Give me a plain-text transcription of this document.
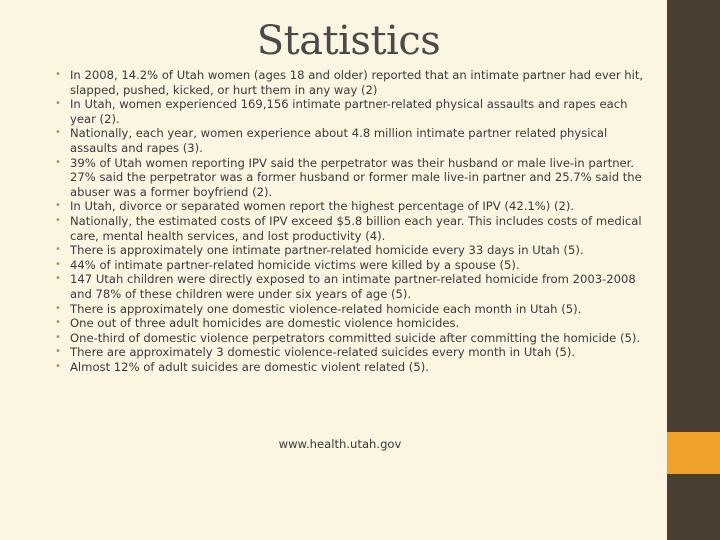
Statistics
• In 2008, 14.2% of Utah women (ages 18 and older) reported that an intimate partner had ever hit, slapped, pushed, kicked, or hurt them in any way (2)
• In Utah, women experienced 169,156 intimate partner-related physical assaults and rapes each year (2).
• Nationally, each year, women experience about 4.8 million intimate partner related physical assaults and rapes (3).
• 39% of Utah women reporting IPV said the perpetrator was their husband or male live-in partner. 27% said the perpetrator was a former husband or former male live-in partner and 25.7% said the abuser was a former boyfriend (2).
• In Utah, divorce or separated women report the highest percentage of IPV (42.1%) (2).
• Nationally, the estimated costs of IPV exceed $5.8 billion each year. This includes costs of medical care, mental health services, and lost productivity (4).
• There is approximately one intimate partner-related homicide every 33 days in Utah (5).
• 44% of intimate partner-related homicide victims were killed by a spouse (5).
• 147 Utah children were directly exposed to an intimate partner-related homicide from 2003-2008 and 78% of these children were under six years of age (5).
• There is approximately one domestic violence-related homicide each month in Utah (5).
• One out of three adult homicides are domestic violence homicides.
• One-third of domestic violence perpetrators committed suicide after committing the homicide (5).
• There are approximately 3 domestic violence-related suicides every month in Utah (5).
• Almost 12% of adult suicides are domestic violent related (5).
www.health.utah.gov
